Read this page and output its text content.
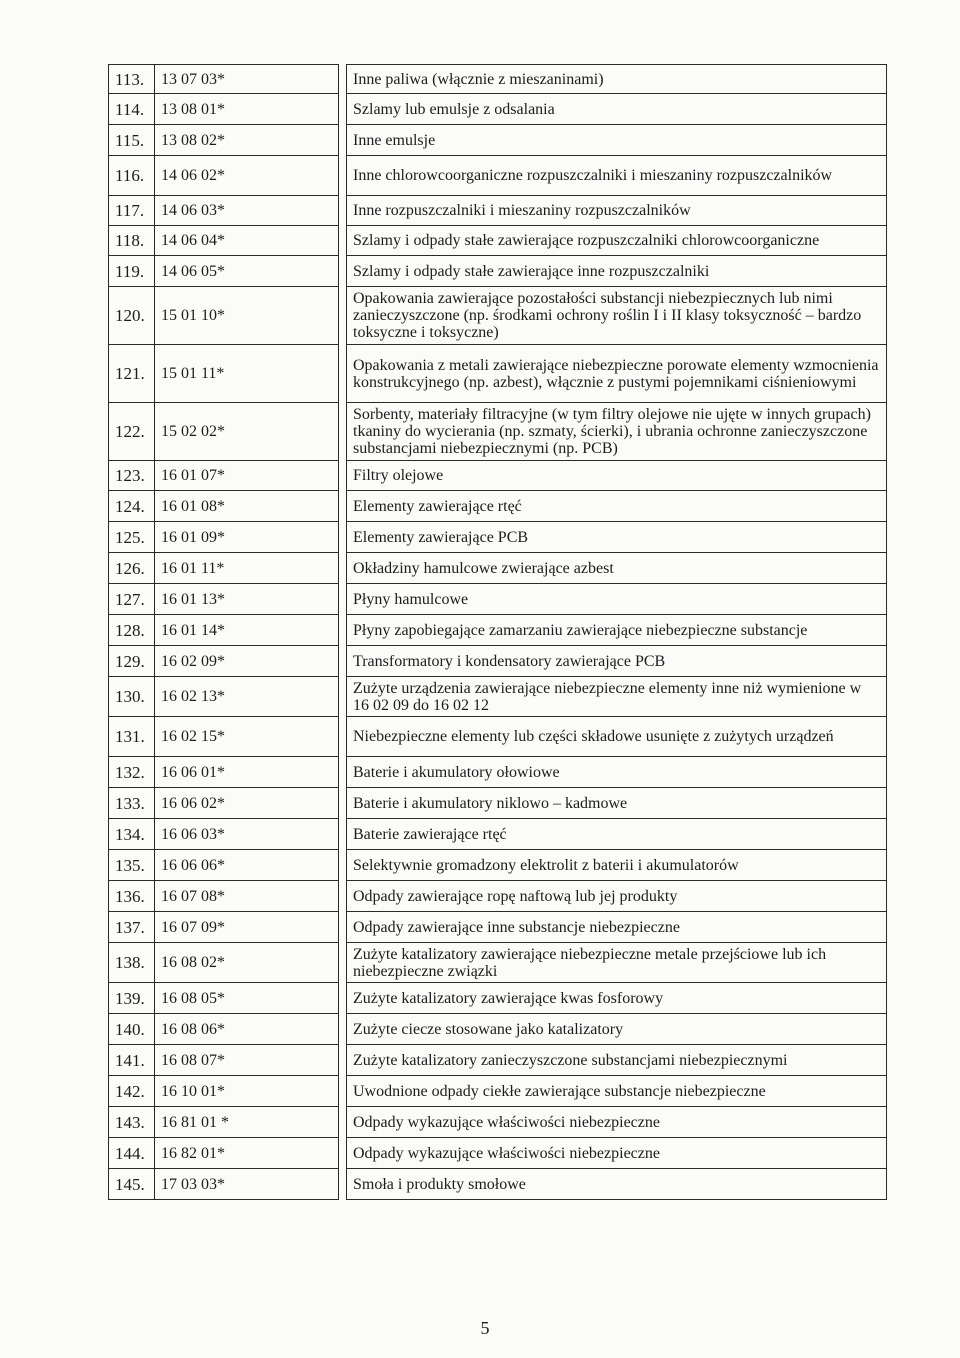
113.	13 07 03*		Inne paliwa (włącznie z mieszaninami)
114.	13 08 01*		Szlamy lub emulsje z odsalania
115.	13 08 02*		Inne emulsje
116.	14 06 02*		Inne chlorowcoorganiczne rozpuszczalniki i mieszaniny rozpuszczalników
117.	14 06 03*		Inne rozpuszczalniki i mieszaniny rozpuszczalników
118.	14 06 04*		Szlamy i odpady stałe zawierające rozpuszczalniki chlorowcoorganiczne
119.	14 06 05*		Szlamy i odpady stałe zawierające inne rozpuszczalniki
120.	15 01 10*		Opakowania zawierające pozostałości substancji niebezpiecznych lub nimi zanieczyszczone (np. środkami ochrony roślin I i II klasy toksyczność – bardzo toksyczne i toksyczne)
121.	15 01 11*		Opakowania z metali zawierające niebezpieczne porowate elementy wzmocnienia konstrukcyjnego (np. azbest), włącznie z pustymi pojemnikami ciśnieniowymi
122.	15 02 02*		Sorbenty, materiały filtracyjne (w tym filtry olejowe nie ujęte w innych grupach) tkaniny do wycierania (np. szmaty, ścierki), i ubrania ochronne zanieczyszczone substancjami niebezpiecznymi (np. PCB)
123.	16 01 07*		Filtry olejowe
124.	16 01 08*		Elementy zawierające rtęć
125.	16 01 09*		Elementy zawierające PCB
126.	16 01 11*		Okładziny hamulcowe zwierające azbest
127.	16 01 13*		Płyny hamulcowe
128.	16 01 14*		Płyny zapobiegające zamarzaniu zawierające niebezpieczne substancje
129.	16 02 09*		Transformatory i kondensatory zawierające PCB
130.	16 02 13*		Zużyte urządzenia zawierające niebezpieczne elementy inne niż wymienione w 16 02 09 do 16 02 12
131.	16 02 15*		Niebezpieczne elementy lub części składowe usunięte z zużytych urządzeń
132.	16 06 01*		Baterie i akumulatory ołowiowe
133.	16 06 02*		Baterie i akumulatory niklowo – kadmowe
134.	16 06 03*		Baterie zawierające rtęć
135.	16 06 06*		Selektywnie gromadzony elektrolit z baterii i akumulatorów
136.	16 07 08*		Odpady zawierające ropę naftową lub jej produkty
137.	16 07 09*		Odpady zawierające inne substancje niebezpieczne
138.	16 08 02*		Zużyte katalizatory zawierające niebezpieczne metale przejściowe lub ich niebezpieczne związki
139.	16 08 05*		Zużyte katalizatory zawierające kwas fosforowy
140.	16 08 06*		Zużyte ciecze stosowane jako katalizatory
141.	16 08 07*		Zużyte katalizatory zanieczyszczone substancjami niebezpiecznymi
142.	16 10 01*		Uwodnione odpady ciekłe zawierające substancje niebezpieczne
143.	16 81 01 *		Odpady wykazujące właściwości niebezpieczne
144.	16 82 01*		Odpady wykazujące właściwości niebezpieczne
145.	17 03 03*		Smoła i produkty smołowe
5
